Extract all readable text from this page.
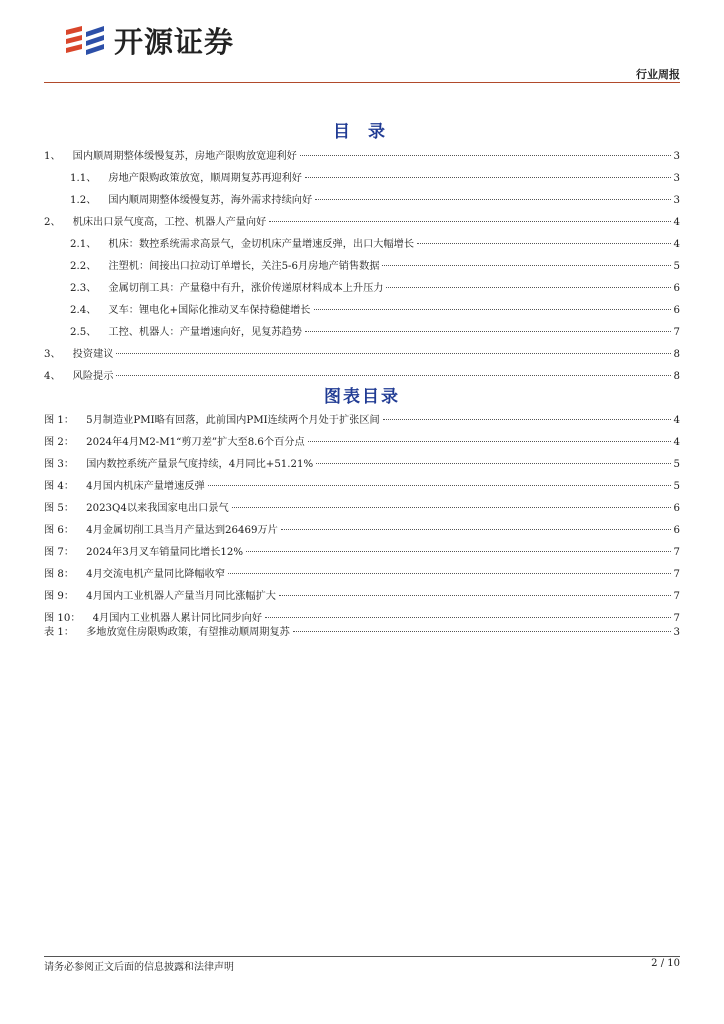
开源证券
行业周报
目 录
1、 国内顺周期整体缓慢复苏，房地产限购放宽迎利好	3
1.1、 房地产限购政策放宽，顺周期复苏再迎利好	3
1.2、 国内顺周期整体缓慢复苏，海外需求持续向好	3
2、 机床出口景气度高，工控、机器人产量向好	4
2.1、 机床：数控系统需求高景气，金切机床产量增速反弹，出口大幅增长	4
2.2、 注塑机：间接出口拉动订单增长，关注5-6月房地产销售数据	5
2.3、 金属切削工具：产量稳中有升，涨价传递原材料成本上升压力	6
2.4、 叉车：锂电化+国际化推动叉车保持稳健增长	6
2.5、 工控、机器人：产量增速向好，见复苏趋势	7
3、 投资建议	8
4、 风险提示	8
图表目录
图 1： 5月制造业PMI略有回落，此前国内PMI连续两个月处于扩张区间	4
图 2： 2024年4月M2-M1“剪刀差”扩大至8.6个百分点	4
图 3： 国内数控系统产量景气度持续，4月同比+51.21%	5
图 4： 4月国内机床产量增速反弹	5
图 5： 2023Q4以来我国家电出口景气	6
图 6： 4月金属切削工具当月产量达到26469万片	6
图 7： 2024年3月叉车销量同比增长12%	7
图 8： 4月交流电机产量同比降幅收窄	7
图 9： 4月国内工业机器人产量当月同比涨幅扩大	7
图 10： 4月国内工业机器人累计同比同步向好	7
表 1： 多地放宽住房限购政策，有望推动顺周期复苏	3
请务必参阅正文后面的信息披露和法律声明	2 / 10
